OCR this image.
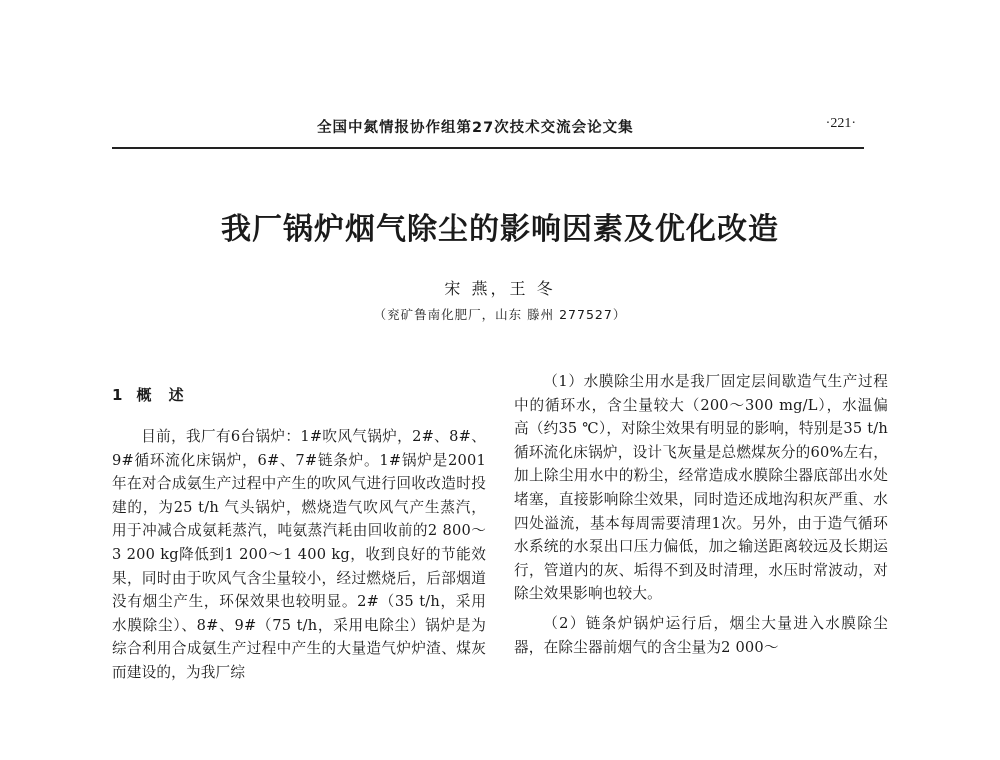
全国中氮情报协作组第27次技术交流会论文集	·221·
我厂锅炉烟气除尘的影响因素及优化改造
宋 燕，王 冬
（兖矿鲁南化肥厂，山东 滕州 277527）
1 概 述

目前，我厂有6台锅炉：1#吹风气锅炉，2#、8#、9#循环流化床锅炉，6#、7#链条炉。1#锅炉是2001年在对合成氨生产过程中产生的吹风气进行回收改造时投建的，为25 t/h 气头锅炉，燃烧造气吹风气产生蒸汽，用于冲减合成氨耗蒸汽，吨氨蒸汽耗由回收前的2 800～3 200 kg降低到1 200～1 400 kg，收到良好的节能效果，同时由于吹风气含尘量较小，经过燃烧后，后部烟道没有烟尘产生，环保效果也较明显。2#（35 t/h，采用水膜除尘）、8#、9#（75 t/h，采用电除尘）锅炉是为综合利用合成氨生产过程中产生的大量造气炉炉渣、煤灰而建设的，为我厂综

（1）水膜除尘用水是我厂固定层间歇造气生产过程中的循环水，含尘量较大（200～300 mg/L），水温偏高（约35 ℃），对除尘效果有明显的影响，特别是35 t/h循环流化床锅炉，设计飞灰量是总燃煤灰分的60%左右，加上除尘用水中的粉尘，经常造成水膜除尘器底部出水处堵塞，直接影响除尘效果，同时造还成地沟积灰严重、水四处溢流，基本每周需要清理1次。另外，由于造气循环水系统的水泵出口压力偏低，加之输送距离较远及长期运行，管道内的灰、垢得不到及时清理，水压时常波动，对除尘效果影响也较大。

（2）链条炉锅炉运行后，烟尘大量进入水膜除尘器，在除尘器前烟气的含尘量为2 000～
